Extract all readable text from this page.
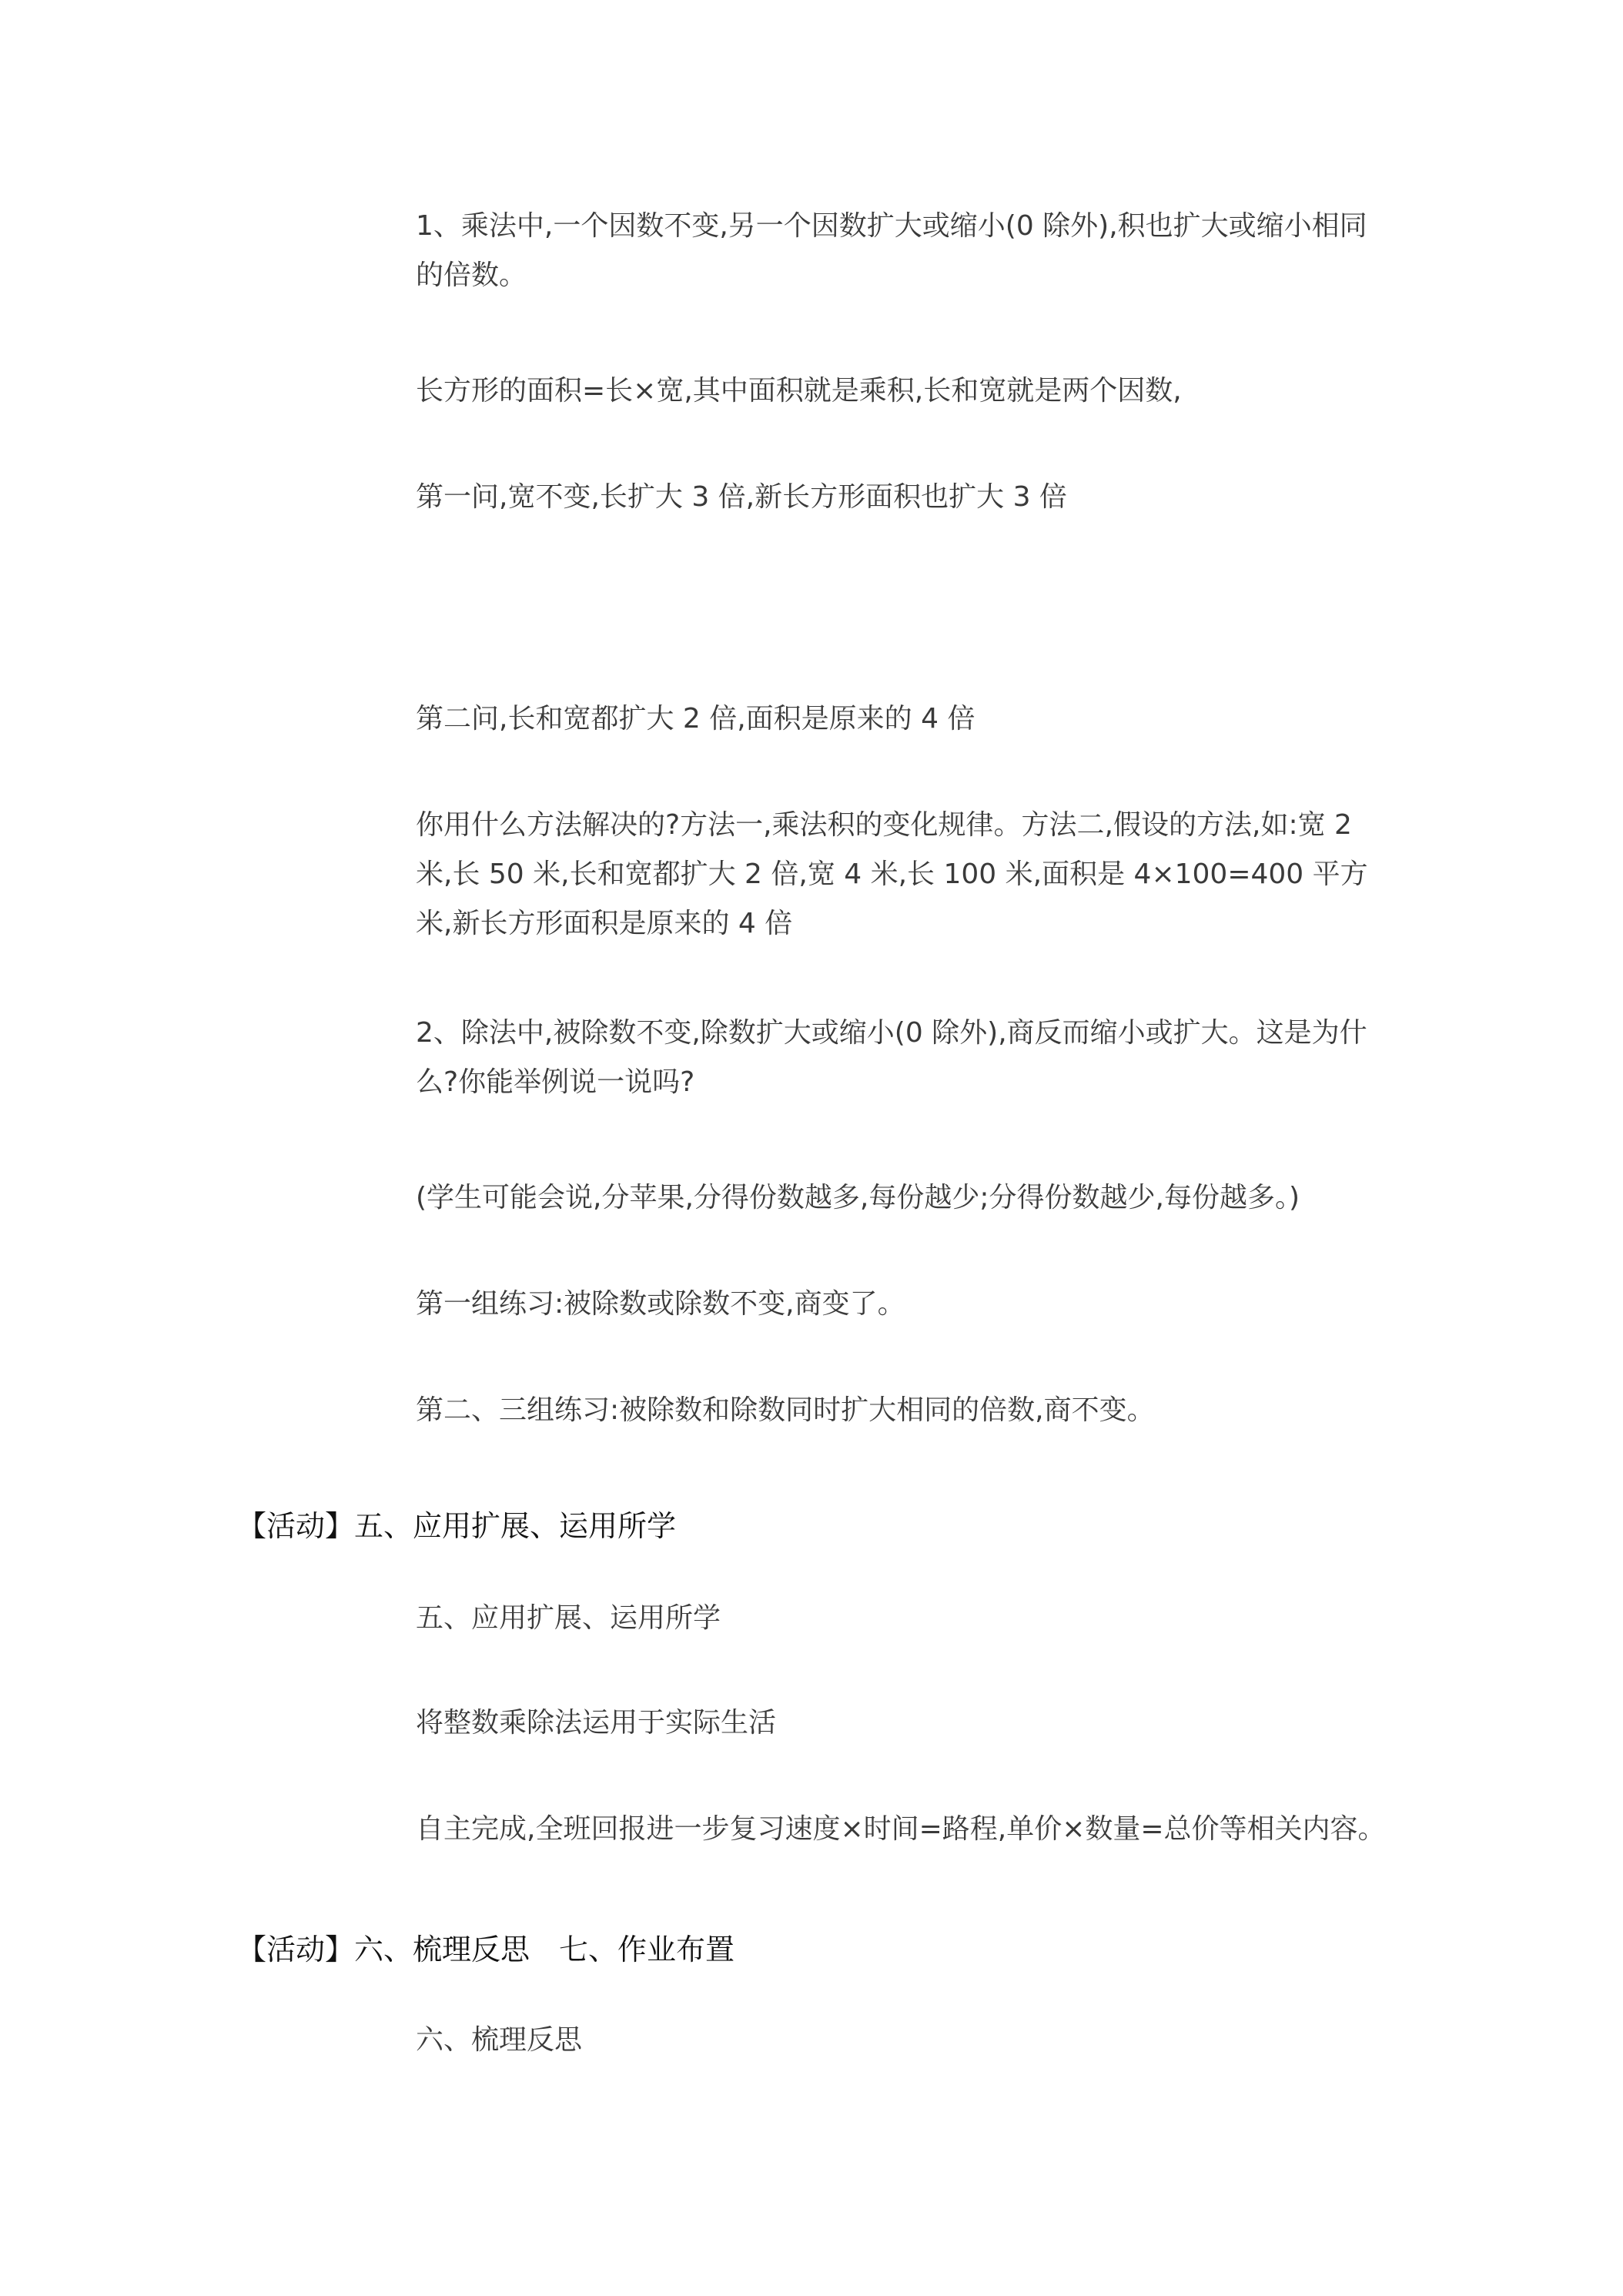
1、乘法中,一个因数不变,另一个因数扩大或缩小(0 除外),积也扩大或缩小相同的倍数。

长方形的面积=长×宽,其中面积就是乘积,长和宽就是两个因数,

第一问,宽不变,长扩大 3 倍,新长方形面积也扩大 3 倍

第二问,长和宽都扩大 2 倍,面积是原来的 4 倍

你用什么方法解决的?方法一,乘法积的变化规律。方法二,假设的方法,如:宽 2 米,长 50 米,长和宽都扩大 2 倍,宽 4 米,长 100 米,面积是 4×100=400 平方米,新长方形面积是原来的 4 倍

2、除法中,被除数不变,除数扩大或缩小(0 除外),商反而缩小或扩大。这是为什么?你能举例说一说吗?

(学生可能会说,分苹果,分得份数越多,每份越少;分得份数越少,每份越多。)

第一组练习:被除数或除数不变,商变了。

第二、三组练习:被除数和除数同时扩大相同的倍数,商不变。

【活动】五、应用扩展、运用所学

五、应用扩展、运用所学

将整数乘除法运用于实际生活

自主完成,全班回报进一步复习速度×时间=路程,单价×数量=总价等相关内容。

【活动】六、梳理反思　七、作业布置

六、梳理反思
